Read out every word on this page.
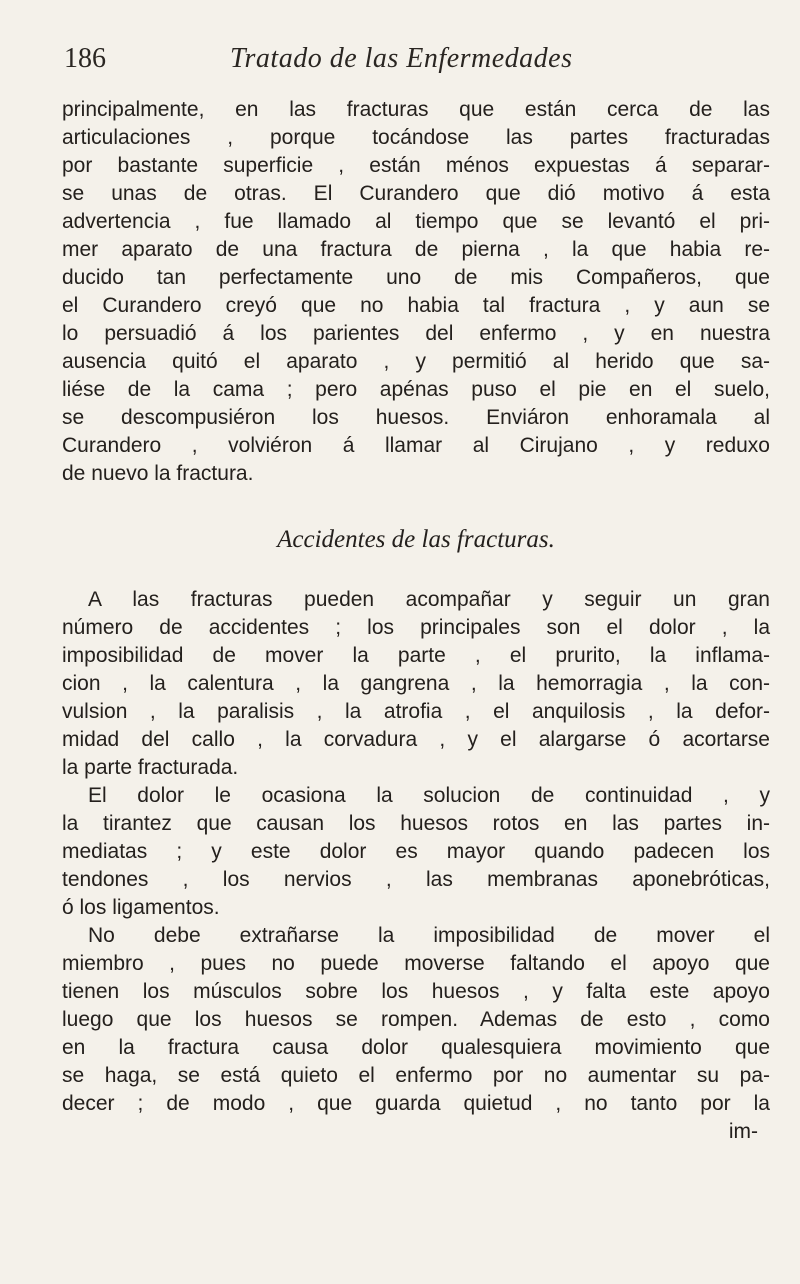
186	Tratado de las Enfermedades
principalmente, en las fracturas que están cerca de las
articulaciones , porque tocándose las partes fracturadas
por bastante superficie , están ménos expuestas á separar-
se unas de otras. El Curandero que dió motivo á esta
advertencia , fue llamado al tiempo que se levantó el pri-
mer aparato de una fractura de pierna , la que habia re-
ducido tan perfectamente uno de mis Compañeros, que
el Curandero creyó que no habia tal fractura , y aun se
lo persuadió á los parientes del enfermo , y en nuestra
ausencia quitó el aparato , y permitió al herido que sa-
liése de la cama ; pero apénas puso el pie en el suelo,
se descompusiéron los huesos. Enviáron enhoramala al
Curandero , volviéron á llamar al Cirujano , y reduxo
de nuevo la fractura.
Accidentes de las fracturas.
A las fracturas pueden acompañar y seguir un gran
número de accidentes ; los principales son el dolor , la
imposibilidad de mover la parte , el prurito, la inflama-
cion , la calentura , la gangrena , la hemorragia , la con-
vulsion , la paralisis , la atrofia , el anquilosis , la defor-
midad del callo , la corvadura , y el alargarse ó acortarse
la parte fracturada.
El dolor le ocasiona la solucion de continuidad , y
la tirantez que causan los huesos rotos en las partes in-
mediatas ; y este dolor es mayor quando padecen los
tendones , los nervios , las membranas aponebróticas,
ó los ligamentos.
No debe extrañarse la imposibilidad de mover el
miembro , pues no puede moverse faltando el apoyo que
tienen los músculos sobre los huesos , y falta este apoyo
luego que los huesos se rompen. Ademas de esto , como
en la fractura causa dolor qualesquiera movimiento que
se haga, se está quieto el enfermo por no aumentar su pa-
decer ; de modo , que guarda quietud , no tanto por la
im-
